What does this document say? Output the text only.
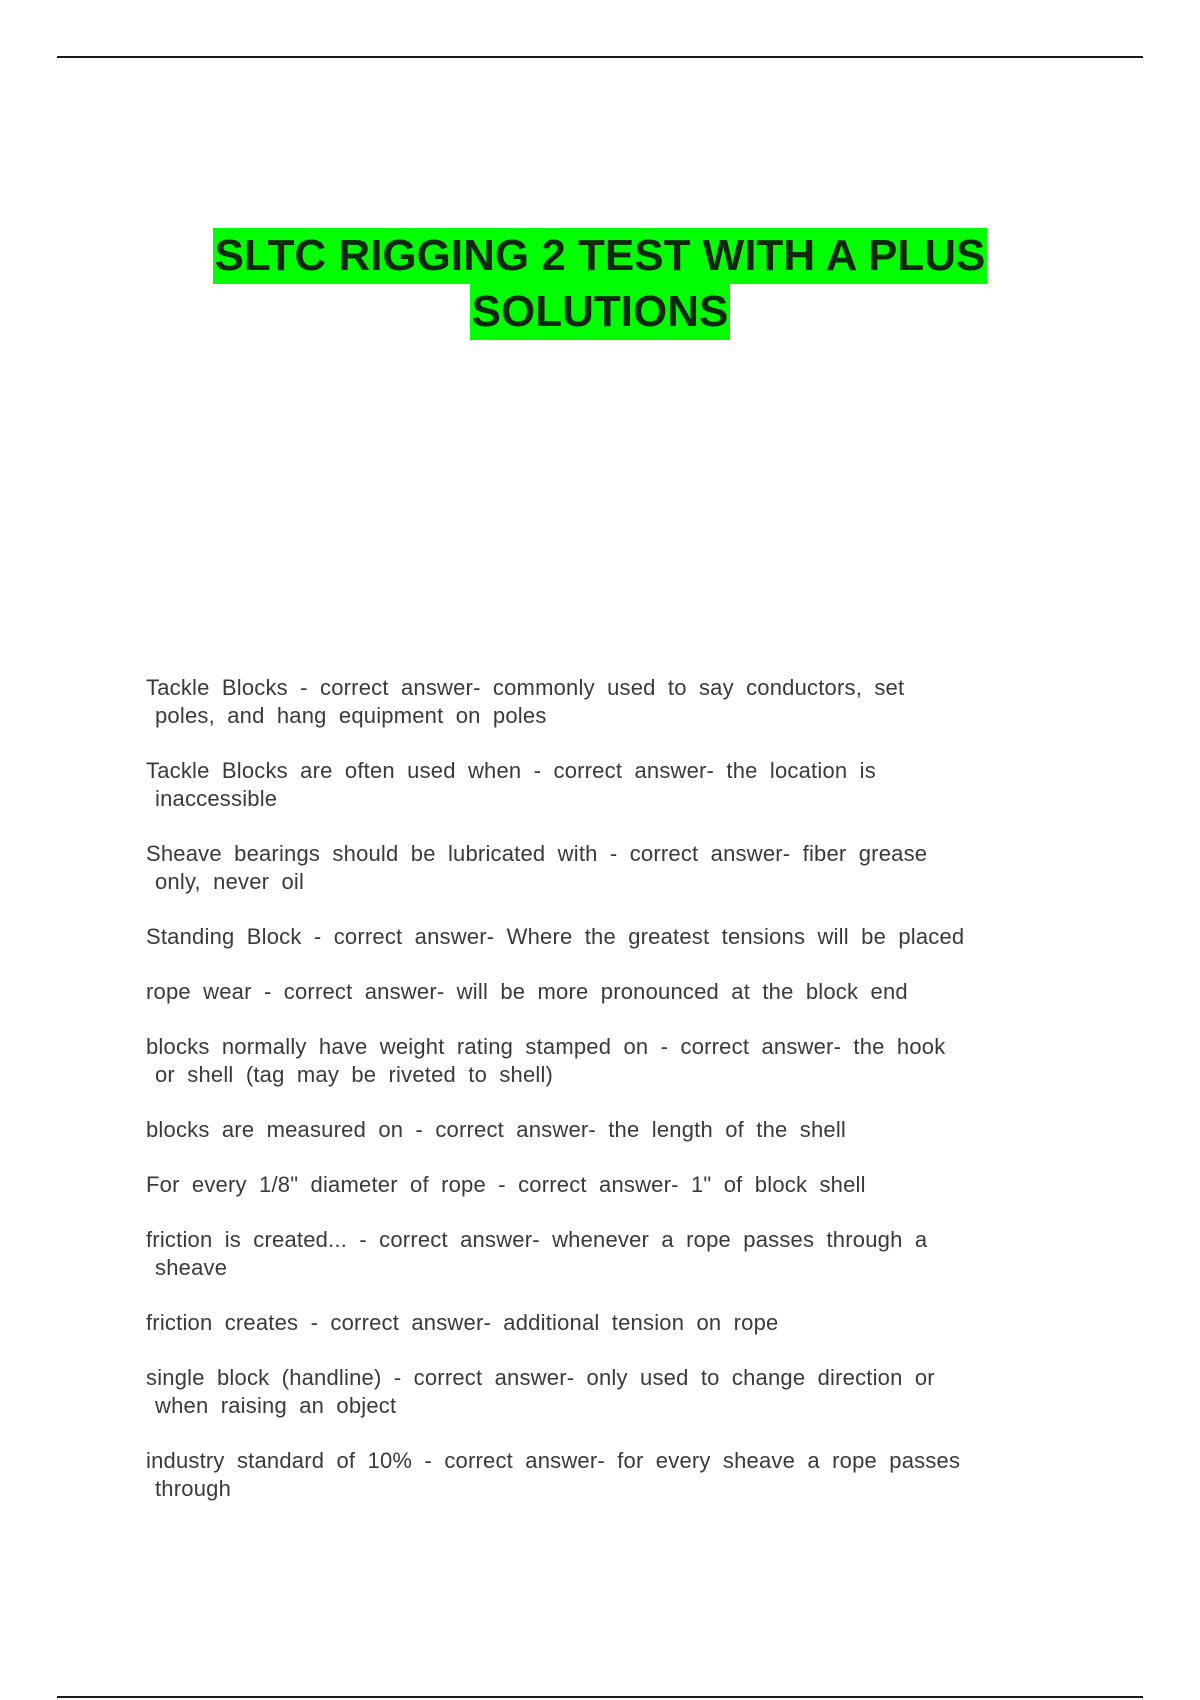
SLTC RIGGING 2 TEST WITH A PLUS
SOLUTIONS
Tackle Blocks - correct answer- commonly used to say conductors, set
poles, and hang equipment on poles
Tackle Blocks are often used when - correct answer- the location is
inaccessible
Sheave bearings should be lubricated with - correct answer- fiber grease
only, never oil
Standing Block - correct answer- Where the greatest tensions will be placed
rope wear - correct answer- will be more pronounced at the block end
blocks normally have weight rating stamped on - correct answer- the hook
or shell (tag may be riveted to shell)
blocks are measured on - correct answer- the length of the shell
For every 1/8" diameter of rope - correct answer- 1" of block shell
friction is created... - correct answer- whenever a rope passes through a
sheave
friction creates - correct answer- additional tension on rope
single block (handline) - correct answer- only used to change direction or
when raising an object
industry standard of 10% - correct answer- for every sheave a rope passes
through
